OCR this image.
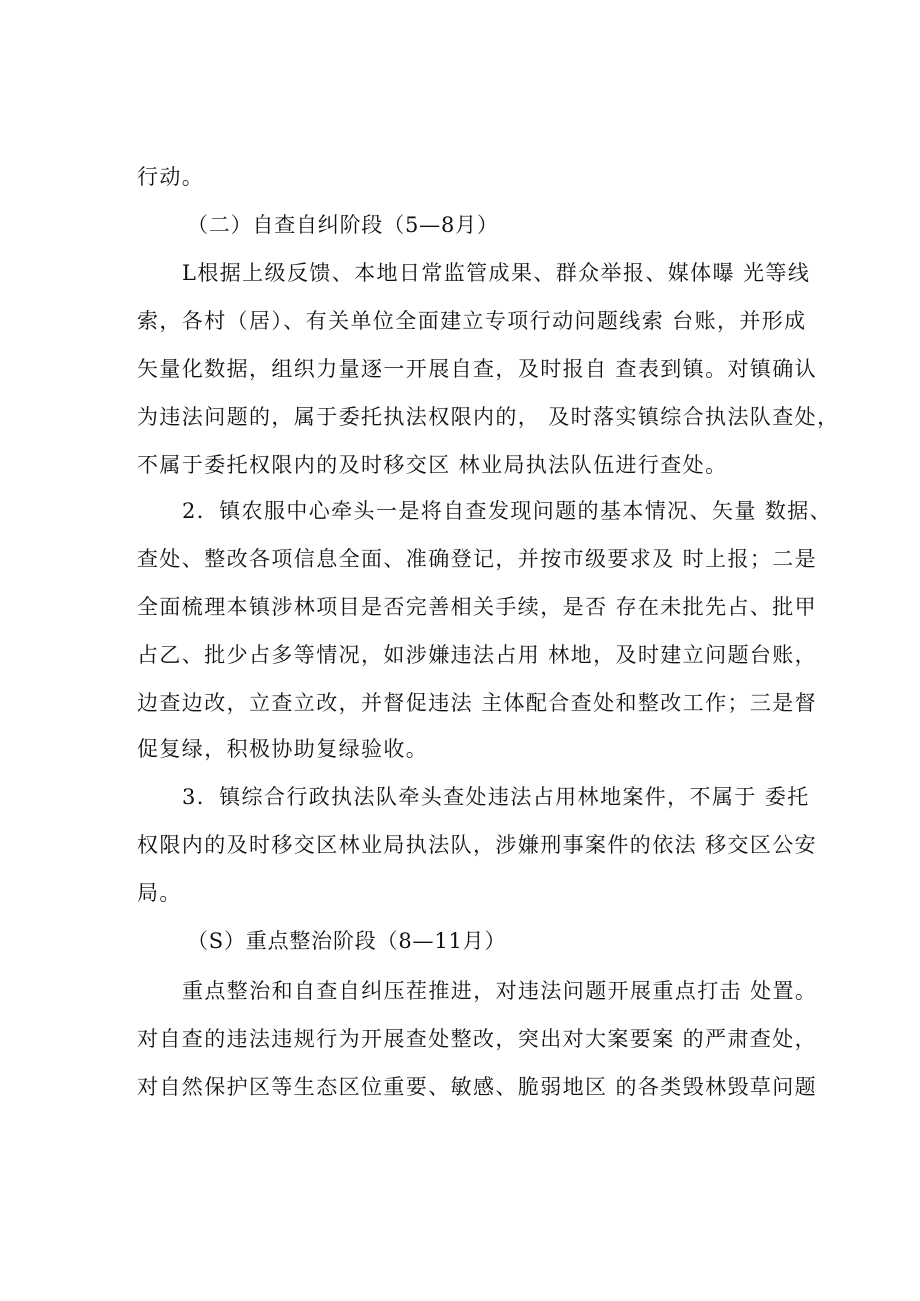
行动。
（二）自查自纠阶段（5—8月）
L根据上级反馈、本地日常监管成果、群众举报、媒体曝 光等线
索，各村（居）、有关单位全面建立专项行动问题线索 台账，并形成
矢量化数据，组织力量逐一开展自查，及时报自 查表到镇。对镇确认
为违法问题的，属于委托执法权限内的， 及时落实镇综合执法队查处，
不属于委托权限内的及时移交区 林业局执法队伍进行查处。
2．镇农服中心牵头一是将自查发现问题的基本情况、矢量 数据、
查处、整改各项信息全面、准确登记，并按市级要求及 时上报；二是
全面梳理本镇涉林项目是否完善相关手续，是否 存在未批先占、批甲
占乙、批少占多等情况，如涉嫌违法占用 林地，及时建立问题台账，
边查边改，立查立改，并督促违法 主体配合查处和整改工作；三是督
促复绿，积极协助复绿验收。
3．镇综合行政执法队牵头查处违法占用林地案件，不属于 委托
权限内的及时移交区林业局执法队，涉嫌刑事案件的依法 移交区公安
局。
（S）重点整治阶段（8—11月）
重点整治和自查自纠压茬推进，对违法问题开展重点打击 处置。
对自查的违法违规行为开展查处整改，突出对大案要案 的严肃查处，
对自然保护区等生态区位重要、敏感、脆弱地区 的各类毁林毁草问题
